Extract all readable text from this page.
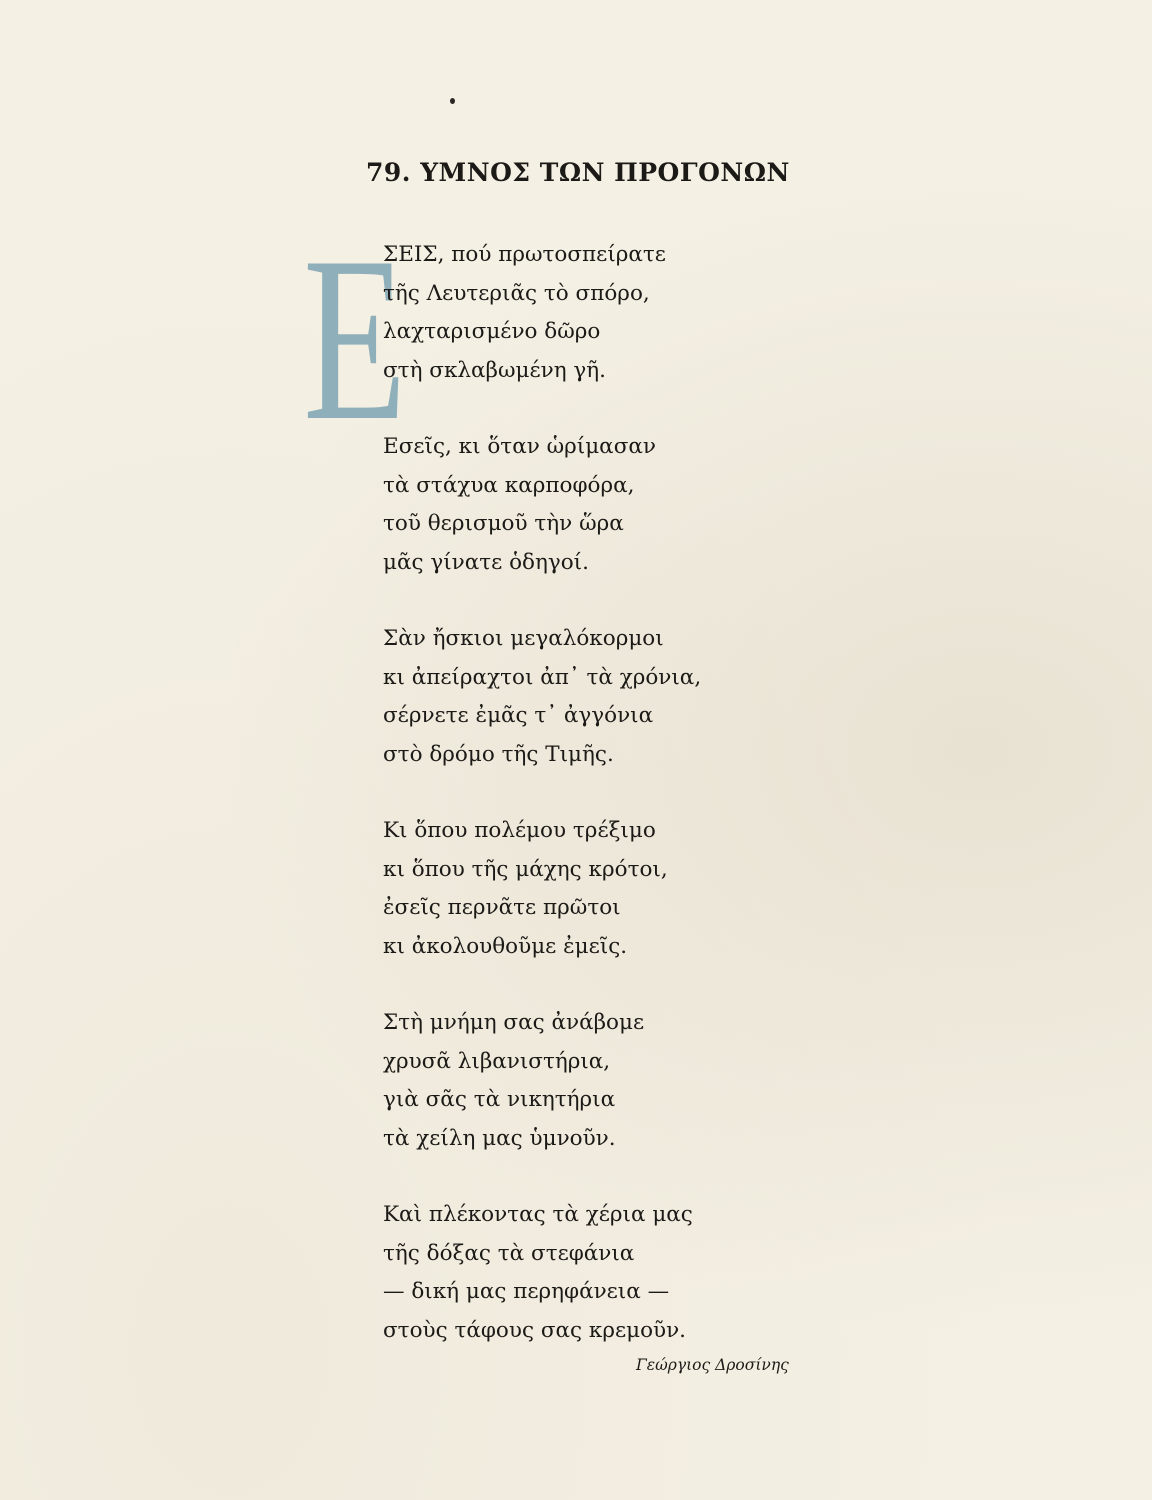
79. ΥΜΝΟΣ ΤΩΝ ΠΡΟΓΟΝΩΝ
Ε
ΣΕΙΣ, πού πρωτοσπείρατε
τῆς Λευτεριᾶς τὸ σπόρο,
λαχταρισμένο δῶρο
στὴ σκλαβωμένη γῆ.
Εσεῖς, κι ὅταν ὡρίμασαν
τὰ στάχυα καρποφόρα,
τοῦ θερισμοῦ τὴν ὥρα
μᾶς γίνατε ὁδηγοί.
Σὰν ἤσκιοι μεγαλόκορμοι
κι ἀπείραχτοι ἀπ᾿ τὰ χρόνια,
σέρνετε ἐμᾶς τ᾿ ἀγγόνια
στὸ δρόμο τῆς Τιμῆς.
Κι ὅπου πολέμου τρέξιμο
κι ὅπου τῆς μάχης κρότοι,
ἐσεῖς περνᾶτε πρῶτοι
κι ἀκολουθοῦμε ἐμεῖς.
Στὴ μνήμη σας ἀνάβομε
χρυσᾶ λιβανιστήρια,
γιὰ σᾶς τὰ νικητήρια
τὰ χείλη μας ὑμνοῦν.
Καὶ πλέκοντας τὰ χέρια μας
τῆς δόξας τὰ στεφάνια
— δική μας περηφάνεια —
στοὺς τάφους σας κρεμοῦν.
Γεώργιος Δροσίνης
